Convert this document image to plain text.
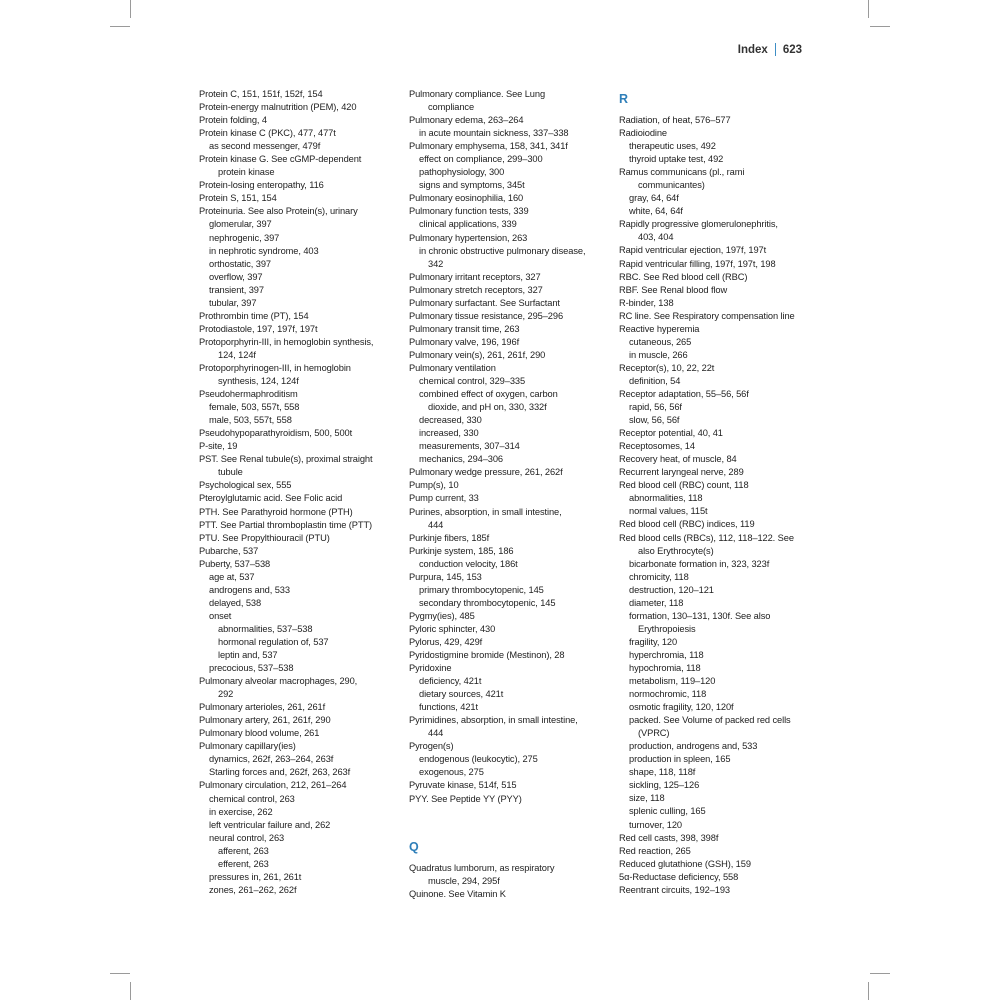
Index 623
Protein C, 151, 151f, 152f, 154
Protein-energy malnutrition (PEM), 420
Protein folding, 4
Protein kinase C (PKC), 477, 477t
as second messenger, 479f
Protein kinase G. See cGMP-dependent
protein kinase
Protein-losing enteropathy, 116
Protein S, 151, 154
Proteinuria. See also Protein(s), urinary
glomerular, 397
nephrogenic, 397
in nephrotic syndrome, 403
orthostatic, 397
overflow, 397
transient, 397
tubular, 397
Prothrombin time (PT), 154
Protodiastole, 197, 197f, 197t
Protoporphyrin-III, in hemoglobin synthesis,
124, 124f
Protoporphyrinogen-III, in hemoglobin
synthesis, 124, 124f
Pseudohermaphroditism
female, 503, 557t, 558
male, 503, 557t, 558
Pseudohypoparathyroidism, 500, 500t
P-site, 19
PST. See Renal tubule(s), proximal straight
tubule
Psychological sex, 555
Pteroylglutamic acid. See Folic acid
PTH. See Parathyroid hormone (PTH)
PTT. See Partial thromboplastin time (PTT)
PTU. See Propylthiouracil (PTU)
Pubarche, 537
Puberty, 537–538
age at, 537
androgens and, 533
delayed, 538
onset
abnormalities, 537–538
hormonal regulation of, 537
leptin and, 537
precocious, 537–538
Pulmonary alveolar macrophages, 290,
292
Pulmonary arterioles, 261, 261f
Pulmonary artery, 261, 261f, 290
Pulmonary blood volume, 261
Pulmonary capillary(ies)
dynamics, 262f, 263–264, 263f
Starling forces and, 262f, 263, 263f
Pulmonary circulation, 212, 261–264
chemical control, 263
in exercise, 262
left ventricular failure and, 262
neural control, 263
afferent, 263
efferent, 263
pressures in, 261, 261t
zones, 261–262, 262f
Pulmonary compliance. See Lung
compliance
Pulmonary edema, 263–264
in acute mountain sickness, 337–338
Pulmonary emphysema, 158, 341, 341f
effect on compliance, 299–300
pathophysiology, 300
signs and symptoms, 345t
Pulmonary eosinophilia, 160
Pulmonary function tests, 339
clinical applications, 339
Pulmonary hypertension, 263
in chronic obstructive pulmonary disease,
342
Pulmonary irritant receptors, 327
Pulmonary stretch receptors, 327
Pulmonary surfactant. See Surfactant
Pulmonary tissue resistance, 295–296
Pulmonary transit time, 263
Pulmonary valve, 196, 196f
Pulmonary vein(s), 261, 261f, 290
Pulmonary ventilation
chemical control, 329–335
combined effect of oxygen, carbon
dioxide, and pH on, 330, 332f
decreased, 330
increased, 330
measurements, 307–314
mechanics, 294–306
Pulmonary wedge pressure, 261, 262f
Pump(s), 10
Pump current, 33
Purines, absorption, in small intestine,
444
Purkinje fibers, 185f
Purkinje system, 185, 186
conduction velocity, 186t
Purpura, 145, 153
primary thrombocytopenic, 145
secondary thrombocytopenic, 145
Pygmy(ies), 485
Pyloric sphincter, 430
Pylorus, 429, 429f
Pyridostigmine bromide (Mestinon), 28
Pyridoxine
deficiency, 421t
dietary sources, 421t
functions, 421t
Pyrimidines, absorption, in small intestine,
444
Pyrogen(s)
endogenous (leukocytic), 275
exogenous, 275
Pyruvate kinase, 514f, 515
PYY. See Peptide YY (PYY)
Q
Quadratus lumborum, as respiratory
muscle, 294, 295f
Quinone. See Vitamin K
R
Radiation, of heat, 576–577
Radioiodine
therapeutic uses, 492
thyroid uptake test, 492
Ramus communicans (pl., rami
communicantes)
gray, 64, 64f
white, 64, 64f
Rapidly progressive glomerulonephritis,
403, 404
Rapid ventricular ejection, 197f, 197t
Rapid ventricular filling, 197f, 197t, 198
RBC. See Red blood cell (RBC)
RBF. See Renal blood flow
R-binder, 138
RC line. See Respiratory compensation line
Reactive hyperemia
cutaneous, 265
in muscle, 266
Receptor(s), 10, 22, 22t
definition, 54
Receptor adaptation, 55–56, 56f
rapid, 56, 56f
slow, 56, 56f
Receptor potential, 40, 41
Receptosomes, 14
Recovery heat, of muscle, 84
Recurrent laryngeal nerve, 289
Red blood cell (RBC) count, 118
abnormalities, 118
normal values, 115t
Red blood cell (RBC) indices, 119
Red blood cells (RBCs), 112, 118–122. See
also Erythrocyte(s)
bicarbonate formation in, 323, 323f
chromicity, 118
destruction, 120–121
diameter, 118
formation, 130–131, 130f. See also
Erythropoiesis
fragility, 120
hyperchromia, 118
hypochromia, 118
metabolism, 119–120
normochromic, 118
osmotic fragility, 120, 120f
packed. See Volume of packed red cells
(VPRC)
production, androgens and, 533
production in spleen, 165
shape, 118, 118f
sickling, 125–126
size, 118
splenic culling, 165
turnover, 120
Red cell casts, 398, 398f
Red reaction, 265
Reduced glutathione (GSH), 159
5α-Reductase deficiency, 558
Reentrant circuits, 192–193
